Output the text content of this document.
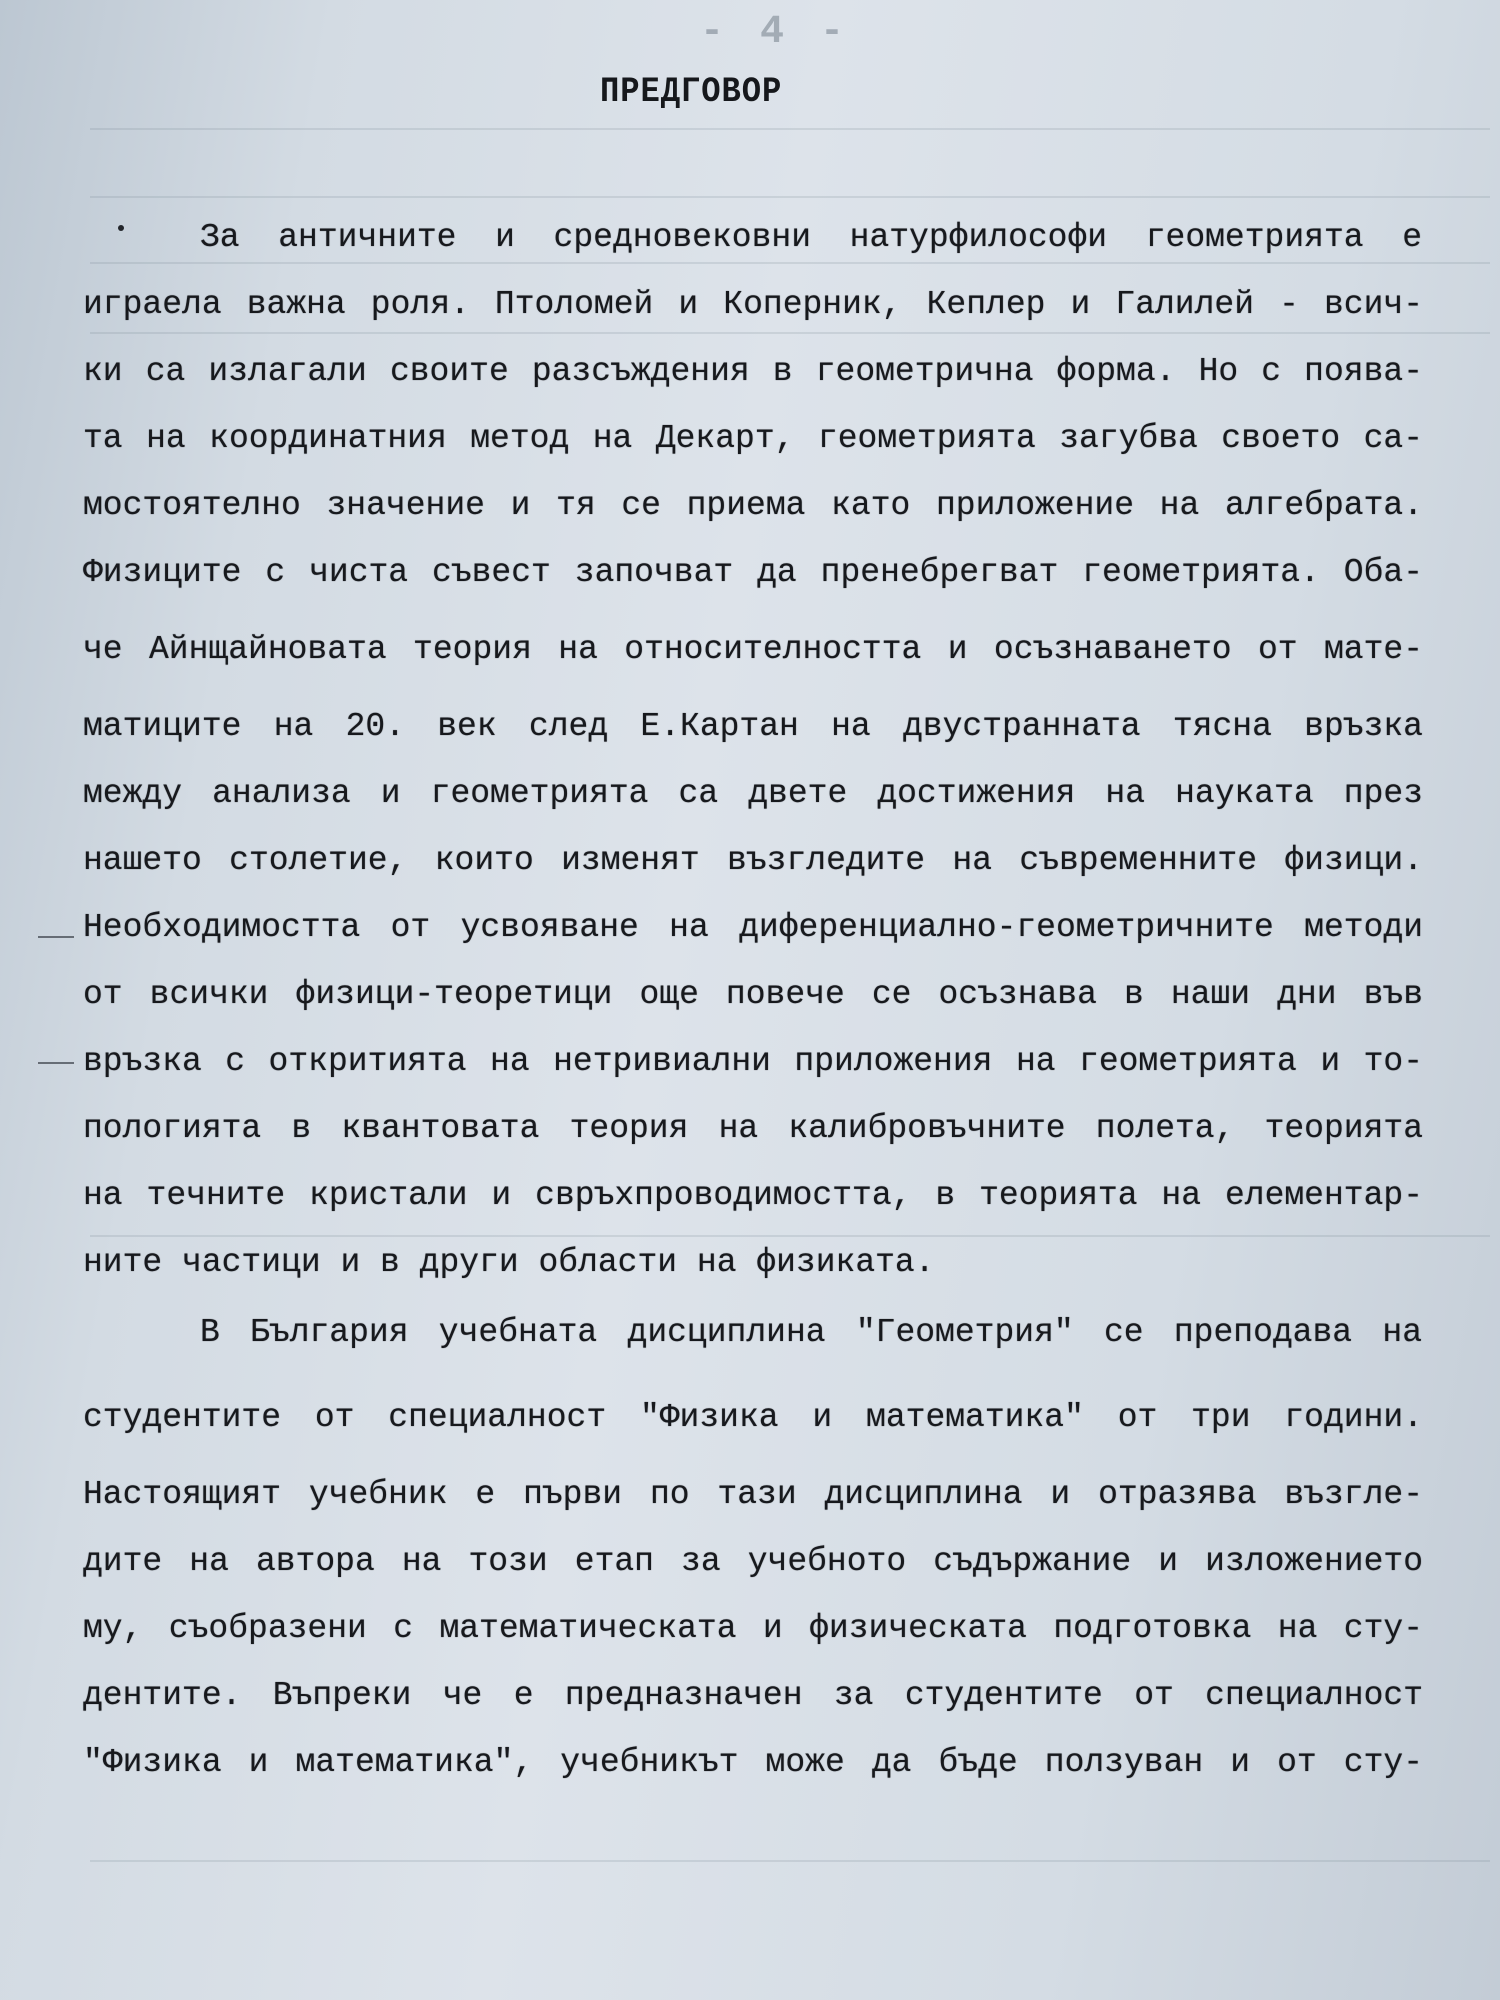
- 4 -
ПРЕДГОВОР
За античните и средновековни натурфилософи геометрията е
играела важна роля. Птоломей и Коперник, Кеплер и Галилей - всич-
ки са излагали своите разсъждения в геометрична форма. Но с поява-
та на координатния метод на Декарт, геометрията загубва своето са-
мостоятелно значение и тя се приема като приложение на алгебрата.
Физиците с чиста съвест започват да пренебрегват геометрията. Оба-
че Айнщайновата теория на относителността и осъзнаването от мате-
матиците на 20. век след Е.Картан на двустранната тясна връзка
между анализа и геометрията са двете достижения на науката през
нашето столетие, които изменят възгледите на съвременните физици.
Необходимостта от усвояване на диференциално-геометричните методи
от всички физици-теоретици още повече се осъзнава в наши дни във
връзка с откритията на нетривиални приложения на геометрията и то-
пологията в квантовата теория на калибровъчните полета, теорията
на течните кристали и свръхпроводимостта, в теорията на елементар-
ните частици и в други области на физиката.
В България учебната дисциплина "Геометрия" се преподава на
студентите от специалност "Физика и математика" от три години.
Настоящият учебник е първи по тази дисциплина и отразява възгле-
дите на автора на този етап за учебното съдържание и изложението
му, съобразени с математическата и физическата подготовка на сту-
дентите. Въпреки че е предназначен за студентите от специалност
"Физика и математика", учебникът може да бъде ползуван и от сту-
